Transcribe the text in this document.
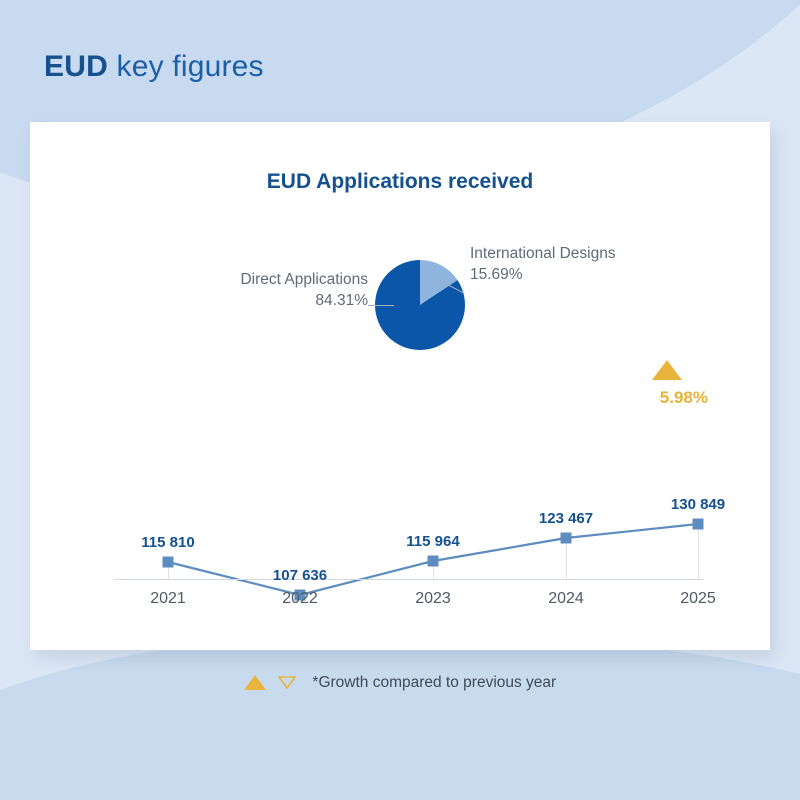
EUD key figures
EUD Applications received
Direct Applications
84.31%
International Designs
15.69%
115 810
107 636
115 964
123 467
130 849
5.98%
2021	2022	2023	2024	2025

*Growth compared to previous year
